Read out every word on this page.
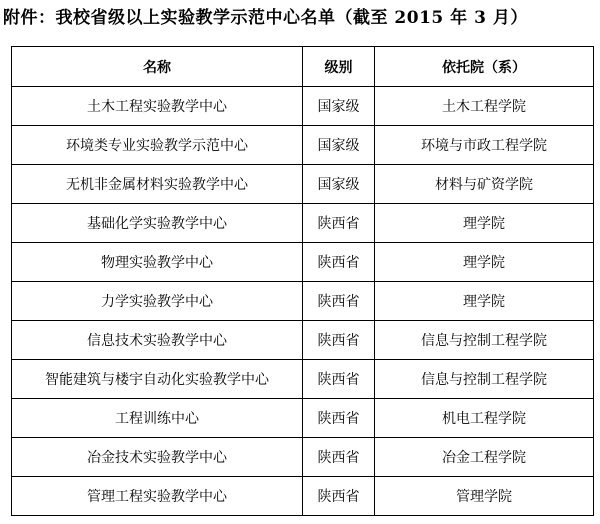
附件：我校省级以上实验教学示范中心名单（截至 2015 年 3 月）
名称	级别	依托院（系）
土木工程实验教学中心	国家级	土木工程学院
环境类专业实验教学示范中心	国家级	环境与市政工程学院
无机非金属材料实验教学中心	国家级	材料与矿资学院
基础化学实验教学中心	陕西省	理学院
物理实验教学中心	陕西省	理学院
力学实验教学中心	陕西省	理学院
信息技术实验教学中心	陕西省	信息与控制工程学院
智能建筑与楼宇自动化实验教学中心	陕西省	信息与控制工程学院
工程训练中心	陕西省	机电工程学院
冶金技术实验教学中心	陕西省	冶金工程学院
管理工程实验教学中心	陕西省	管理学院
